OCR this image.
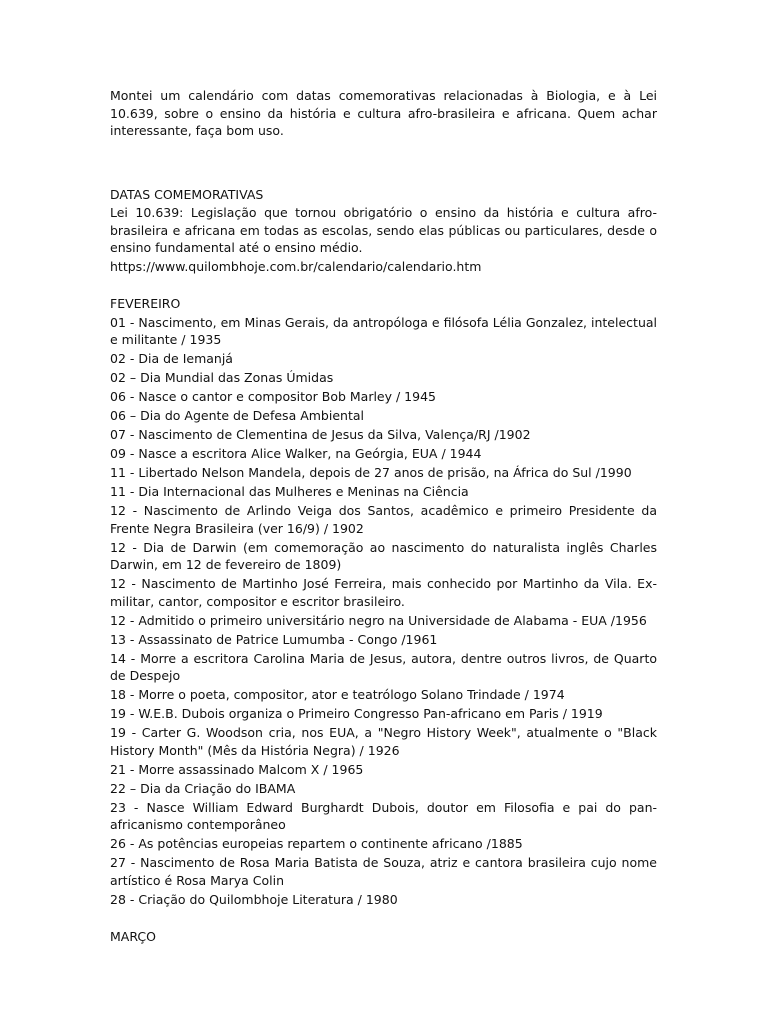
Montei um calendário com datas comemorativas relacionadas à Biologia, e à Lei 10.639, sobre o ensino da história e cultura afro-brasileira e africana. Quem achar interessante, faça bom uso.

DATAS COMEMORATIVAS

Lei 10.639: Legislação que tornou obrigatório o ensino da história e cultura afro-brasileira e africana em todas as escolas, sendo elas públicas ou particulares, desde o ensino fundamental até o ensino médio.

https://www.quilombhoje.com.br/calendario/calendario.htm

FEVEREIRO

01 - Nascimento, em Minas Gerais, da antropóloga e filósofa Lélia Gonzalez, intelectual e militante / 1935
02 - Dia de Iemanjá
02 – Dia Mundial das Zonas Úmidas
06 - Nasce o cantor e compositor Bob Marley / 1945
06 – Dia do Agente de Defesa Ambiental
07 - Nascimento de Clementina de Jesus da Silva, Valença/RJ /1902
09 - Nasce a escritora Alice Walker, na Geórgia, EUA / 1944
11 - Libertado Nelson Mandela, depois de 27 anos de prisão, na África do Sul /1990
11 - Dia Internacional das Mulheres e Meninas na Ciência
12 - Nascimento de Arlindo Veiga dos Santos, acadêmico e primeiro Presidente da Frente Negra Brasileira (ver 16/9) / 1902
12 - Dia de Darwin (em comemoração ao nascimento do naturalista inglês Charles Darwin, em 12 de fevereiro de 1809)
12 - Nascimento de Martinho José Ferreira, mais conhecido por Martinho da Vila. Ex-militar, cantor, compositor e escritor brasileiro.
12 - Admitido o primeiro universitário negro na Universidade de Alabama - EUA /1956
13 - Assassinato de Patrice Lumumba - Congo /1961
14 - Morre a escritora Carolina Maria de Jesus, autora, dentre outros livros, de Quarto de Despejo
18 - Morre o poeta, compositor, ator e teatrólogo Solano Trindade / 1974
19 - W.E.B. Dubois organiza o Primeiro Congresso Pan-africano em Paris / 1919
19 - Carter G. Woodson cria, nos EUA, a "Negro History Week", atualmente o "Black History Month" (Mês da História Negra) / 1926
21 - Morre assassinado Malcom X / 1965
22 – Dia da Criação do IBAMA
23 - Nasce William Edward Burghardt Dubois, doutor em Filosofia e pai do pan-africanismo contemporâneo
26 - As potências europeias repartem o continente africano /1885
27 - Nascimento de Rosa Maria Batista de Souza, atriz e cantora brasileira cujo nome artístico é Rosa Marya Colin
28 - Criação do Quilombhoje Literatura / 1980

MARÇO
